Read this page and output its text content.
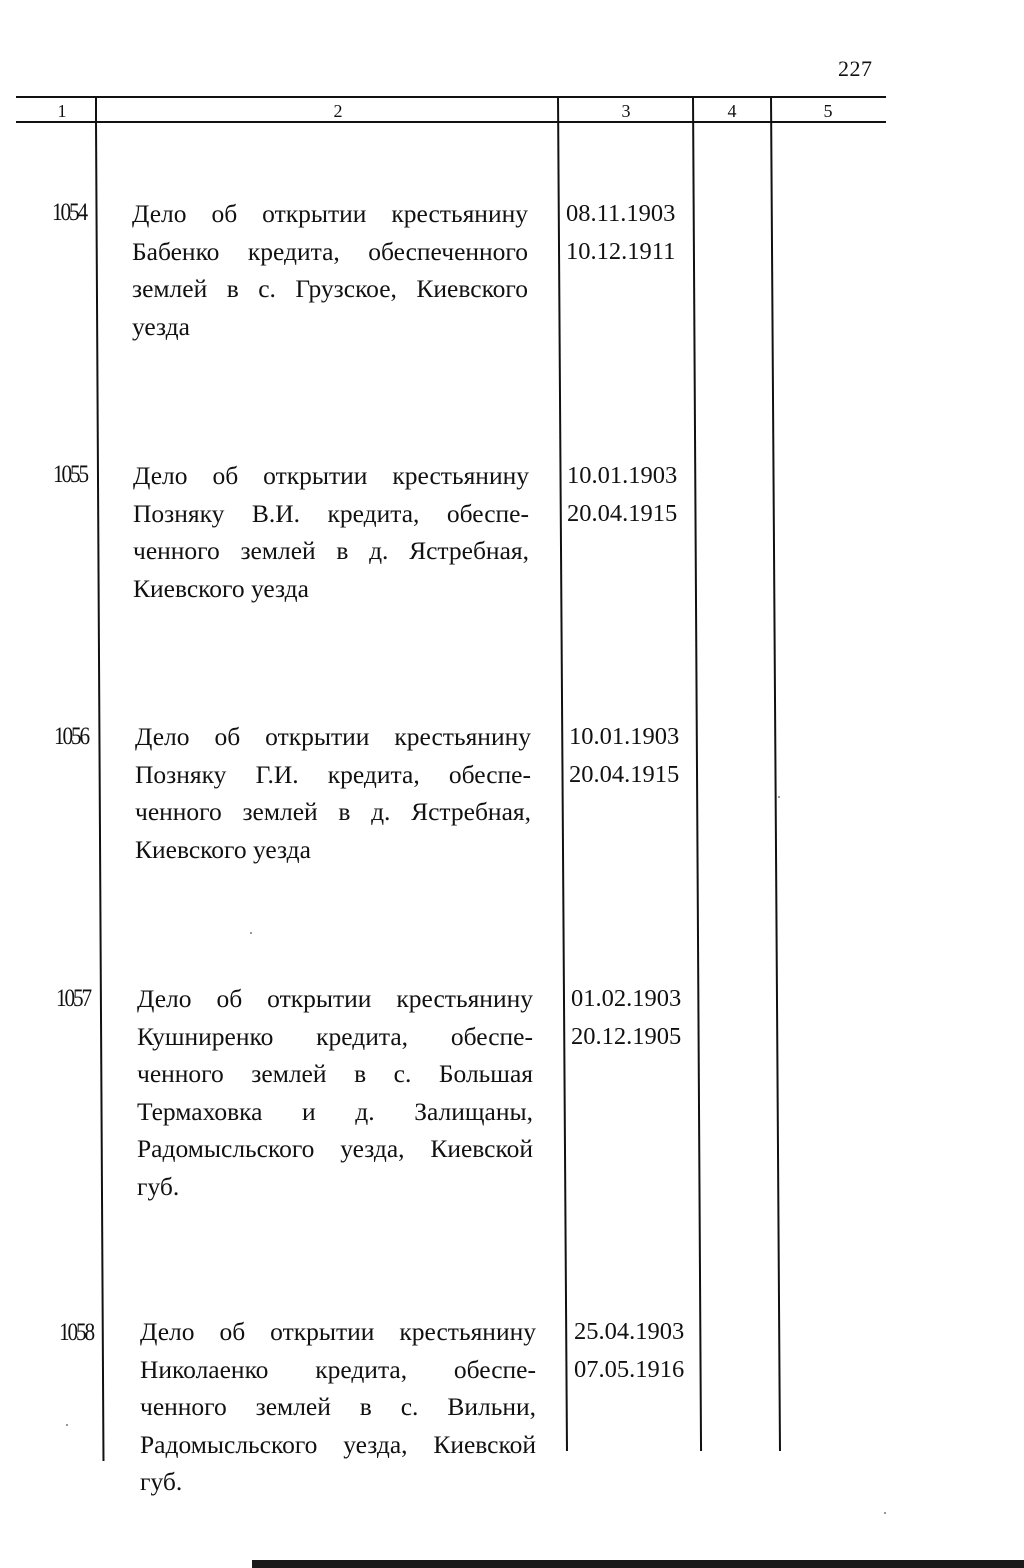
227
1	2	3	4	5
1054 Дело об открытии крестьянину
Бабенко кредита, обеспеченного
землей в с. Грузское, Киевского
уезда
08.11.1903
10.12.1911
1055 Дело об открытии крестьянину
Позняку В.И. кредита, обеспе-
ченного землей в д. Ястребная,
Киевского уезда
10.01.1903
20.04.1915
1056 Дело об открытии крестьянину
Позняку Г.И. кредита, обеспе-
ченного землей в д. Ястребная,
Киевского уезда
10.01.1903
20.04.1915
1057 Дело об открытии крестьянину
Кушниренко кредита, обеспе-
ченного землей в с. Большая
Термаховка и д. Залищаны,
Радомысльского уезда, Киевской
губ.
01.02.1903
20.12.1905
1058 Дело об открытии крестьянину
Николаенко кредита, обеспе-
ченного землей в с. Вильни,
Радомысльского уезда, Киевской
губ.
25.04.1903
07.05.1916
